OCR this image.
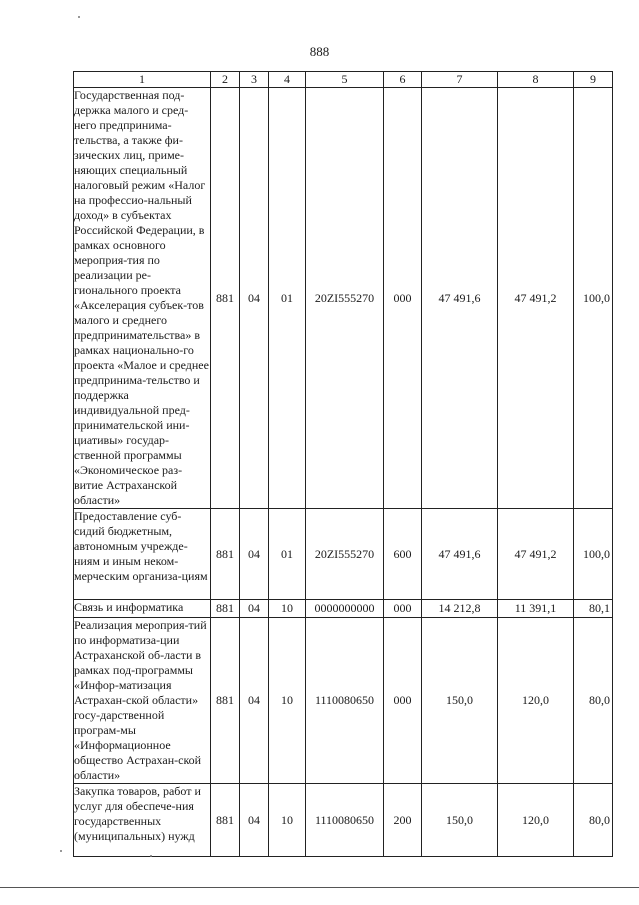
888
1	2	3	4	5	6	7	8	9
Государственная под-держка малого и сред-него предпринима-тельства, а также фи-зических лиц, приме-няющих специальный налоговый режим «Налог на профессио-нальный доход» в субъектах Российской Федерации, в рамках основного мероприя-тия по реализации ре-гионального проекта «Акселерация субъек-тов малого и среднего предпринимательства» в рамках национально-го проекта «Малое и среднее предпринима-тельство и поддержка индивидуальной пред-принимательской ини-циативы» государ-ственной программы «Экономическое раз-витие Астраханской области»	881	04	01	20ZI555270	000	47 491,6	47 491,2	100,0
Предоставление суб-сидий бюджетным, автономным учрежде-ниям и иным неком-мерческим организа-циям	881	04	01	20ZI555270	600	47 491,6	47 491,2	100,0
Связь и информатика	881	04	10	0000000000	000	14 212,8	11 391,1	80,1
Реализация мероприя-тий по информатиза-ции Астраханской об-ласти в рамках под-программы «Инфор-матизация Астрахан-ской области» госу-дарственной програм-мы «Информационное общество Астрахан-ской области»	881	04	10	1110080650	000	150,0	120,0	80,0
Закупка товаров, работ и услуг для обеспече-ния государственных (муниципальных) нужд	881	04	10	1110080650	200	150,0	120,0	80,0
